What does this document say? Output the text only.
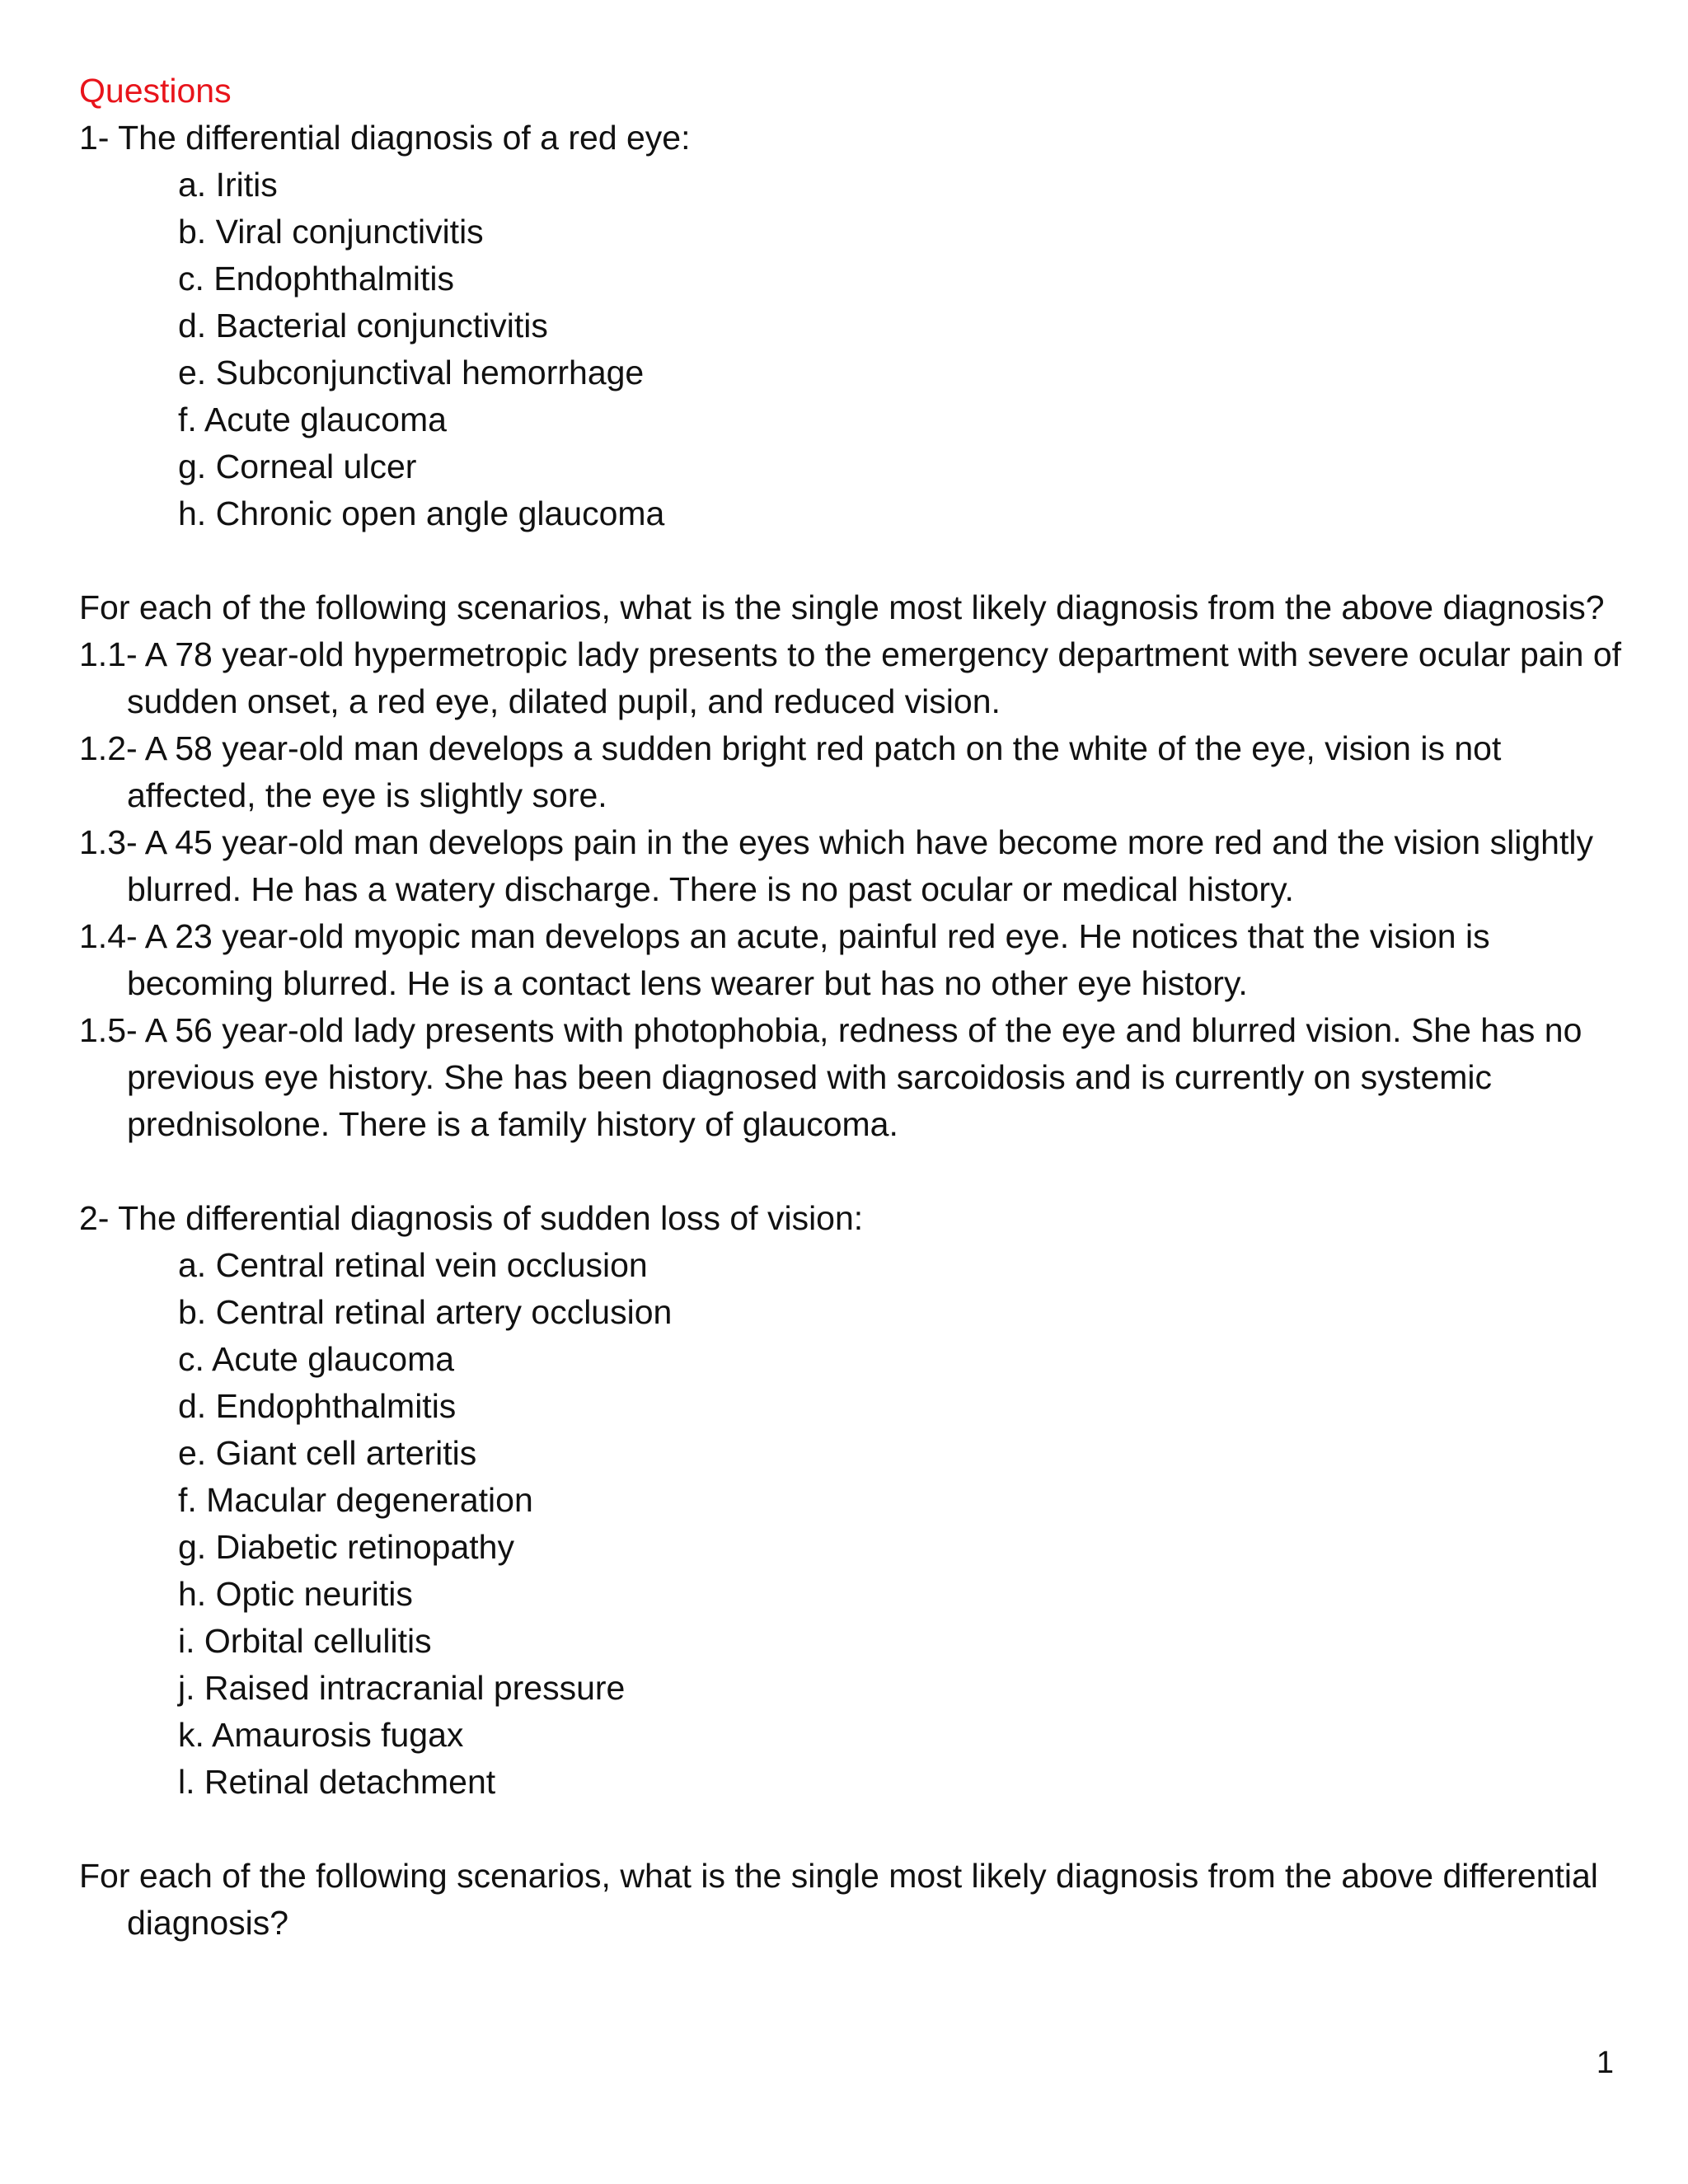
Questions

1- The differential diagnosis of a red eye:

a. Iritis
b. Viral conjunctivitis
c. Endophthalmitis
d. Bacterial conjunctivitis
e. Subconjunctival hemorrhage
f. Acute glaucoma
g. Corneal ulcer
h. Chronic open angle glaucoma

For each of the following scenarios, what is the single most likely diagnosis from the above diagnosis?

1.1- A 78 year-old hypermetropic lady presents to the emergency department with severe ocular pain of sudden onset, a red eye, dilated pupil, and reduced vision.
1.2- A 58 year-old man develops a sudden bright red patch on the white of the eye, vision is not affected, the eye is slightly sore.
1.3- A 45 year-old man develops pain in the eyes which have become more red and the vision slightly blurred. He has a watery discharge. There is no past ocular or medical history.
1.4- A 23 year-old myopic man develops an acute, painful red eye. He notices that the vision is becoming blurred. He is a contact lens wearer but has no other eye history.
1.5- A 56 year-old lady presents with photophobia, redness of the eye and blurred vision. She has no previous eye history. She has been diagnosed with sarcoidosis and is currently on systemic prednisolone. There is a family history of glaucoma.

2- The differential diagnosis of sudden loss of vision:

a. Central retinal vein occlusion
b. Central retinal artery occlusion
c. Acute glaucoma
d. Endophthalmitis
e. Giant cell arteritis
f. Macular degeneration
g. Diabetic retinopathy
h. Optic neuritis
i. Orbital cellulitis
j. Raised intracranial pressure
k. Amaurosis fugax
l. Retinal detachment

For each of the following scenarios, what is the single most likely diagnosis from the above differential diagnosis?

1
